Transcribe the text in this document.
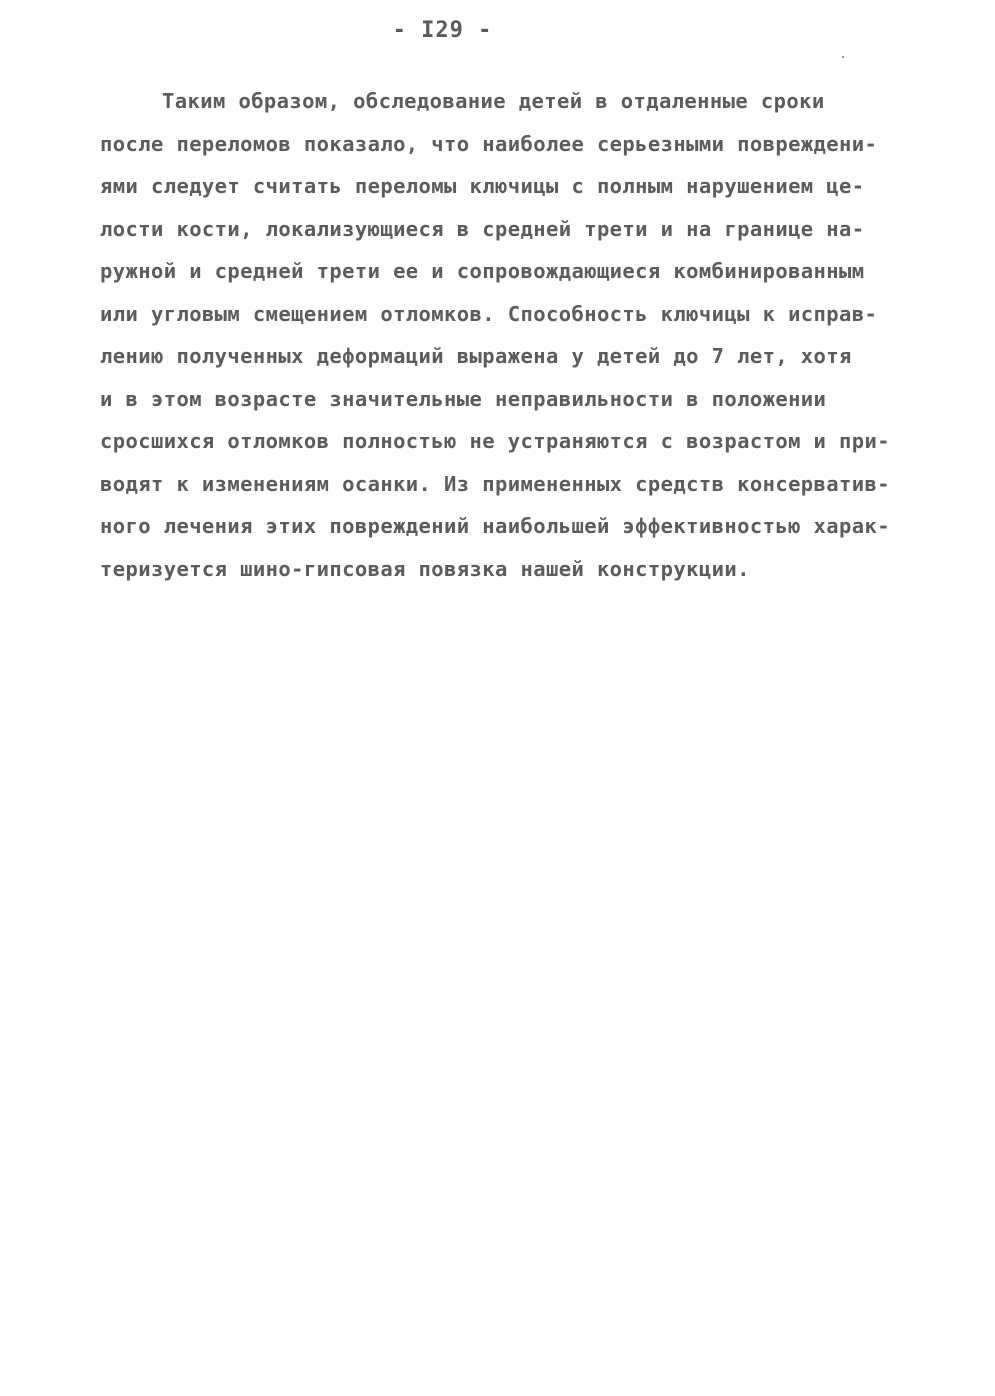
- I29 -
Таким образом, обследование детей в отдаленные сроки
после переломов показало, что наиболее серьезными повреждени-
ями следует считать переломы ключицы с полным нарушением це-
лости кости, локализующиеся в средней трети и на границе на-
ружной и средней трети ее и сопровождающиеся комбинированным
или угловым смещением отломков. Способность ключицы к исправ-
лению полученных деформаций выражена у детей до 7 лет, хотя
и в этом возрасте значительные неправильности в положении
сросшихся отломков полностью не устраняются с возрастом и при-
водят к изменениям осанки. Из примененных средств консерватив-
ного лечения этих повреждений наибольшей эффективностью харак-
теризуется шино-гипсовая повязка нашей конструкции.
